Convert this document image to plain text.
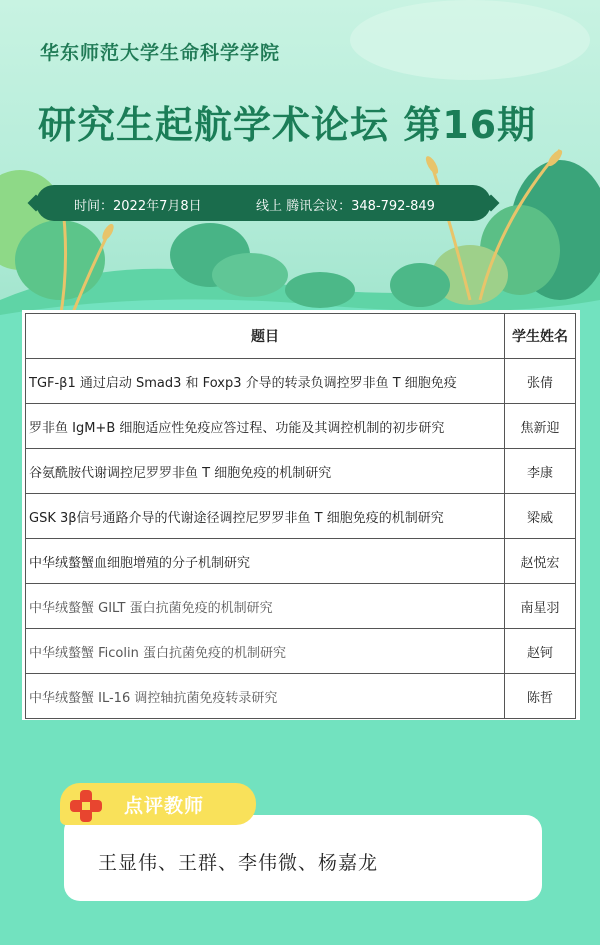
华东师范大学生命科学学院
研究生起航学术论坛 第16期
时间：2022年7月8日	线上 腾讯会议：348-792-849
题目	学生姓名
TGF-β1 通过启动 Smad3 和 Foxp3 介导的转录负调控罗非鱼 T 细胞免疫	张倩
罗非鱼 IgM+B 细胞适应性免疫应答过程、功能及其调控机制的初步研究	焦新迎
谷氨酰胺代谢调控尼罗罗非鱼 T 细胞免疫的机制研究	李康
GSK 3β信号通路介导的代谢途径调控尼罗罗非鱼 T 细胞免疫的机制研究	梁威
中华绒螯蟹血细胞增殖的分子机制研究	赵悦宏
中华绒螯蟹 GILT 蛋白抗菌免疫的机制研究	南星羽
中华绒螯蟹 Ficolin 蛋白抗菌免疫的机制研究	赵钶
中华绒螯蟹 IL-16 调控轴抗菌免疫转录研究	陈哲
点评教师
王显伟、王群、李伟微、杨嘉龙
